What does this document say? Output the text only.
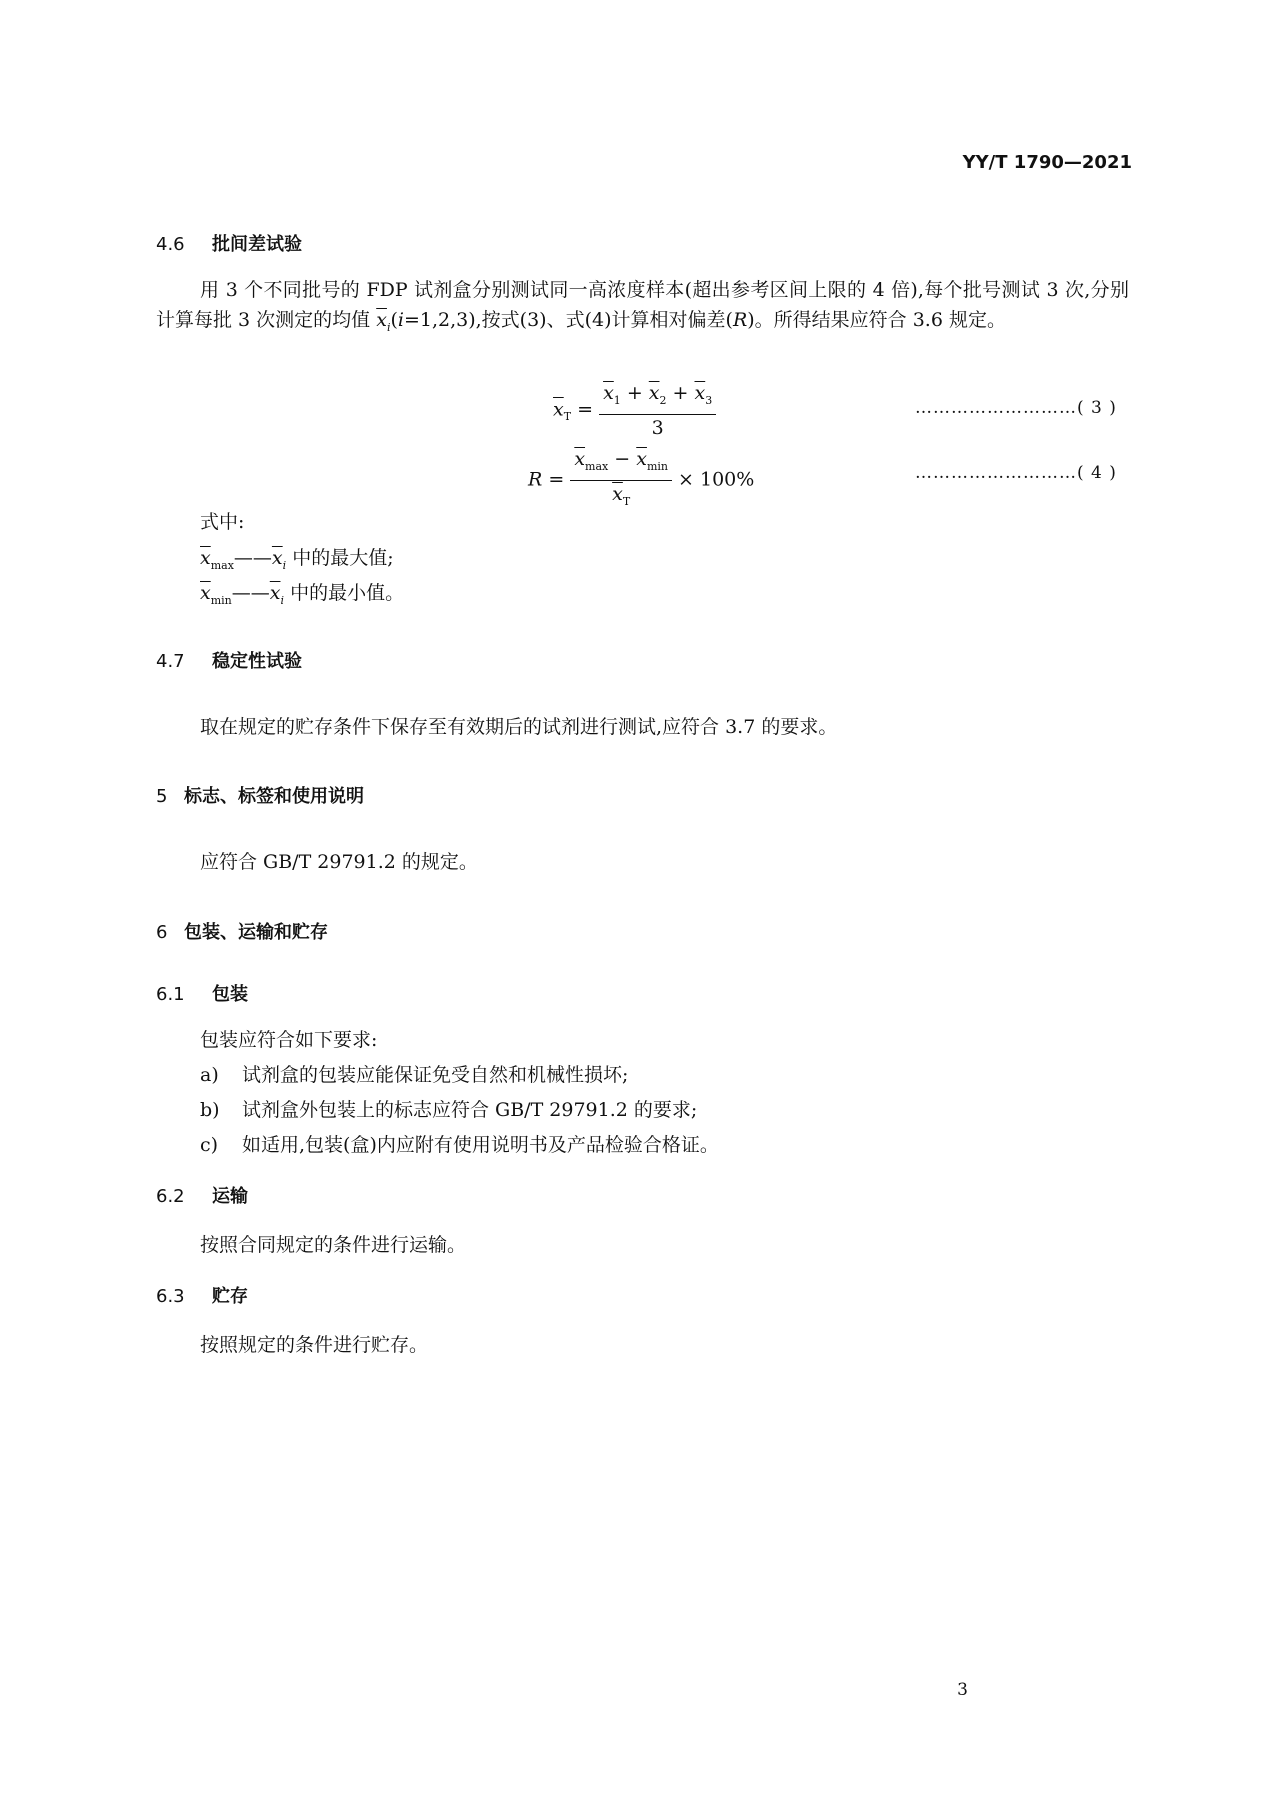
YY/T 1790—2021
4.6 批间差试验
用 3 个不同批号的 FDP 试剂盒分别测试同一高浓度样本(超出参考区间上限的 4 倍),每个批号测试 3 次,分别计算每批 3 次测定的均值 $\overline{x}_i(i=1,2,3)$,按式(3)、式(4)计算相对偏差(R)。所得结果应符合 3.6 规定。
$\overline{x}_T = \frac{\overline{x}_1 + \overline{x}_2 + \overline{x}_3}{3}$	………………………( 3 )
$R = \frac{\overline{x}_{max} - \overline{x}_{min}}{\overline{x}_T} \times 100\%$	………………………( 4 )
式中:
$\overline{x}_{max}——\overline{x}_i$ 中的最大值;
$\overline{x}_{min}——\overline{x}_i$ 中的最小值。
4.7 稳定性试验
取在规定的贮存条件下保存至有效期后的试剂进行测试,应符合 3.7 的要求。
5 标志、标签和使用说明
应符合 GB/T 29791.2 的规定。
6 包装、运输和贮存
6.1 包装
包装应符合如下要求:
a) 试剂盒的包装应能保证免受自然和机械性损坏;
b) 试剂盒外包装上的标志应符合 GB/T 29791.2 的要求;
c) 如适用,包装(盒)内应附有使用说明书及产品检验合格证。
6.2 运输
按照合同规定的条件进行运输。
6.3 贮存
按照规定的条件进行贮存。
3
